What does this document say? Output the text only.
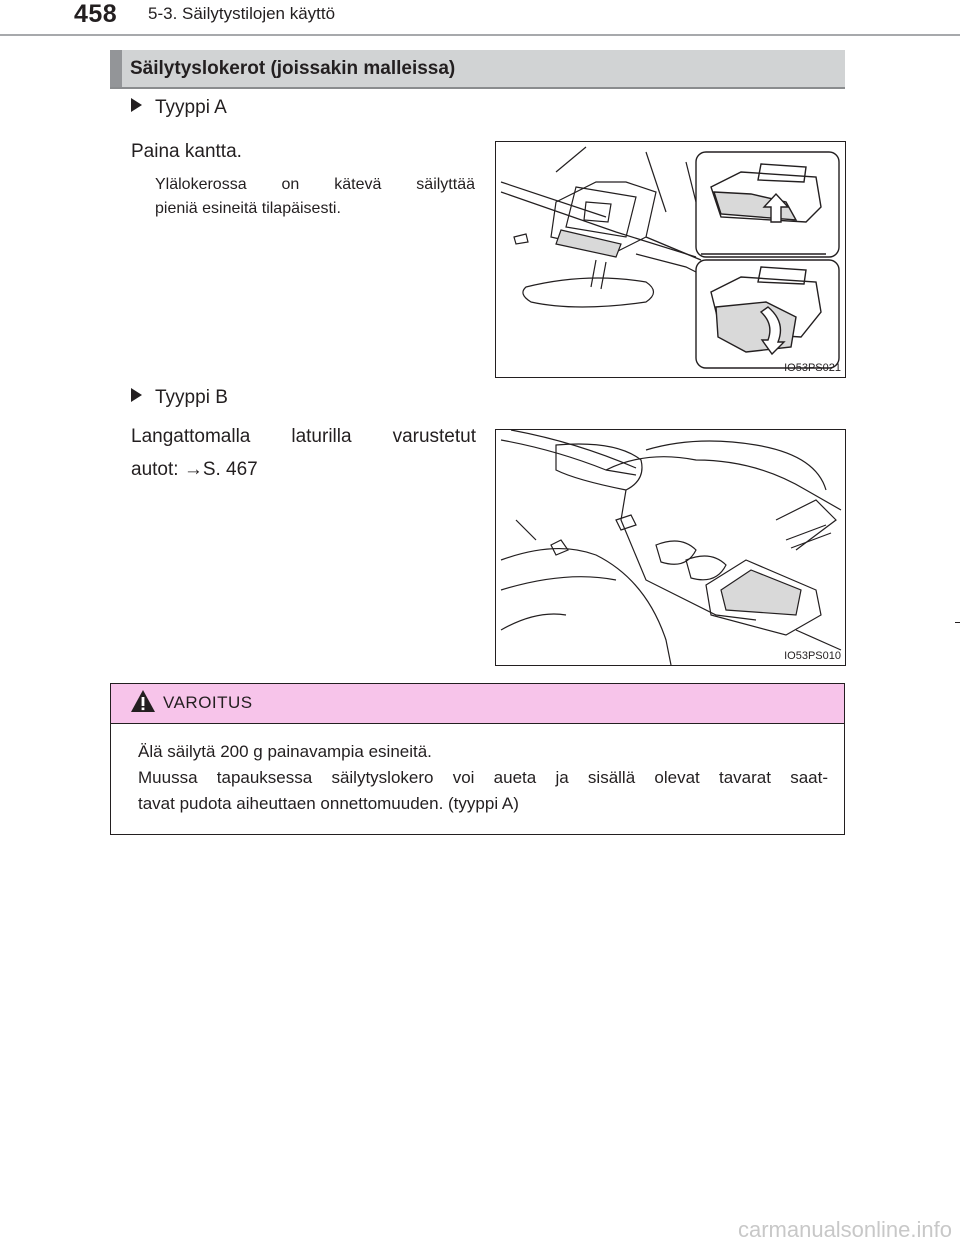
458 5-3. Säilytystilojen käyttö
Säilytyslokerot (joissakin malleissa)
Tyyppi A
Paina kantta.
Ylälokerossa on kätevä säilyttää
pieniä esineitä tilapäisesti.
IO53PS021
Tyyppi B
Langattomalla laturilla varustetut
autot: →S. 467
IO53PS010
VAROITUS
Älä säilytä 200 g painavampia esineitä.
Muussa tapauksessa säilytyslokero voi aueta ja sisällä olevat tavarat saat-
tavat pudota aiheuttaen onnettomuuden. (tyyppi A)
carmanualsonline.info
